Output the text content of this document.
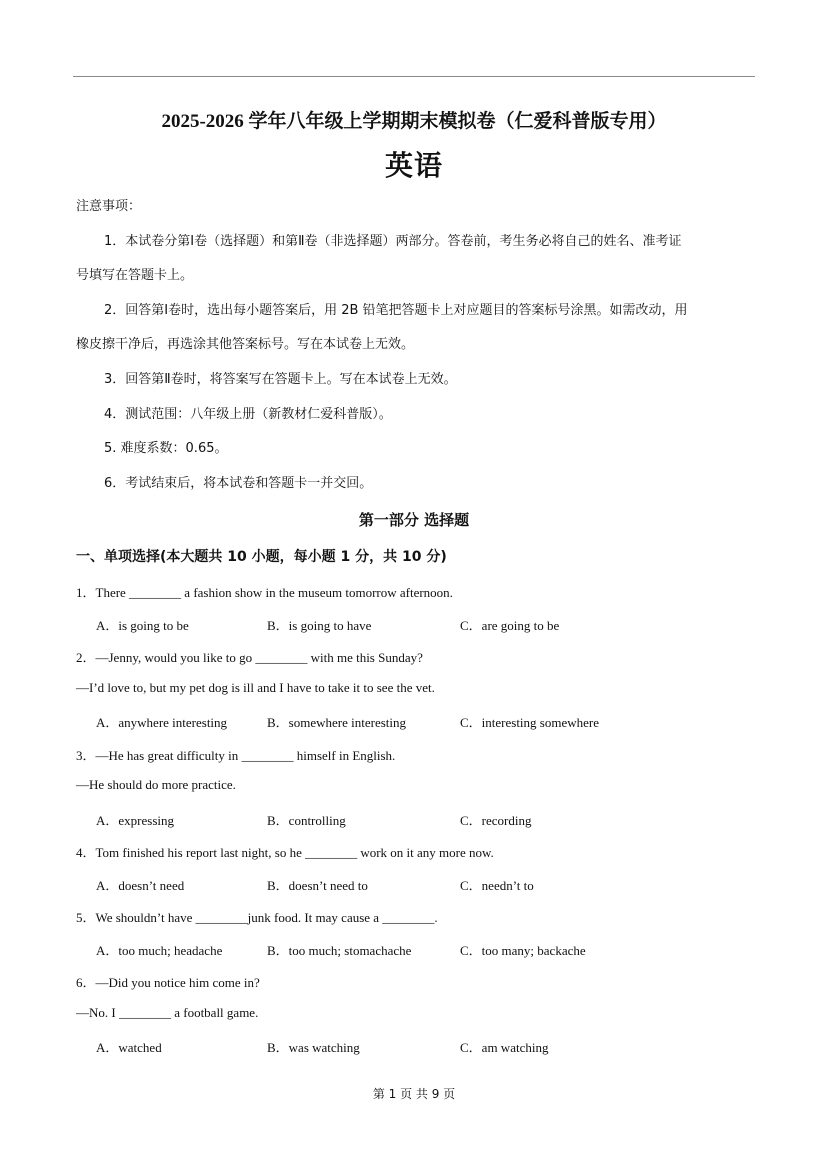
2025-2026 学年八年级上学期期末模拟卷（仁爱科普版专用）
英语
注意事项：
1．本试卷分第Ⅰ卷（选择题）和第Ⅱ卷（非选择题）两部分。答卷前，考生务必将自己的姓名、准考证
号填写在答题卡上。
2．回答第Ⅰ卷时，选出每小题答案后，用 2B 铅笔把答题卡上对应题目的答案标号涂黑。如需改动，用
橡皮擦干净后，再选涂其他答案标号。写在本试卷上无效。
3．回答第Ⅱ卷时，将答案写在答题卡上。写在本试卷上无效。
4．测试范围：八年级上册（新教材仁爱科普版）。
5. 难度系数：0.65。
6．考试结束后，将本试卷和答题卡一并交回。
第一部分 选择题
一、单项选择(本大题共 10 小题，每小题 1 分，共 10 分)
1．There ________ a fashion show in the museum tomorrow afternoon.
A．is going to be	B．is going to have	C．are going to be
2．—Jenny, would you like to go ________ with me this Sunday?
—I’d love to, but my pet dog is ill and I have to take it to see the vet.
A．anywhere interesting	B．somewhere interesting	C．interesting somewhere
3．—He has great difficulty in ________ himself in English.
—He should do more practice.
A．expressing	B．controlling	C．recording
4．Tom finished his report last night, so he ________ work on it any more now.
A．doesn’t need	B．doesn’t need to	C．needn’t to
5．We shouldn’t have ________junk food. It may cause a ________.
A．too much; headache	B．too much; stomachache	C．too many; backache
6．—Did you notice him come in?
—No. I ________ a football game.
A．watched	B．was watching	C．am watching
第 1 页 共 9 页
